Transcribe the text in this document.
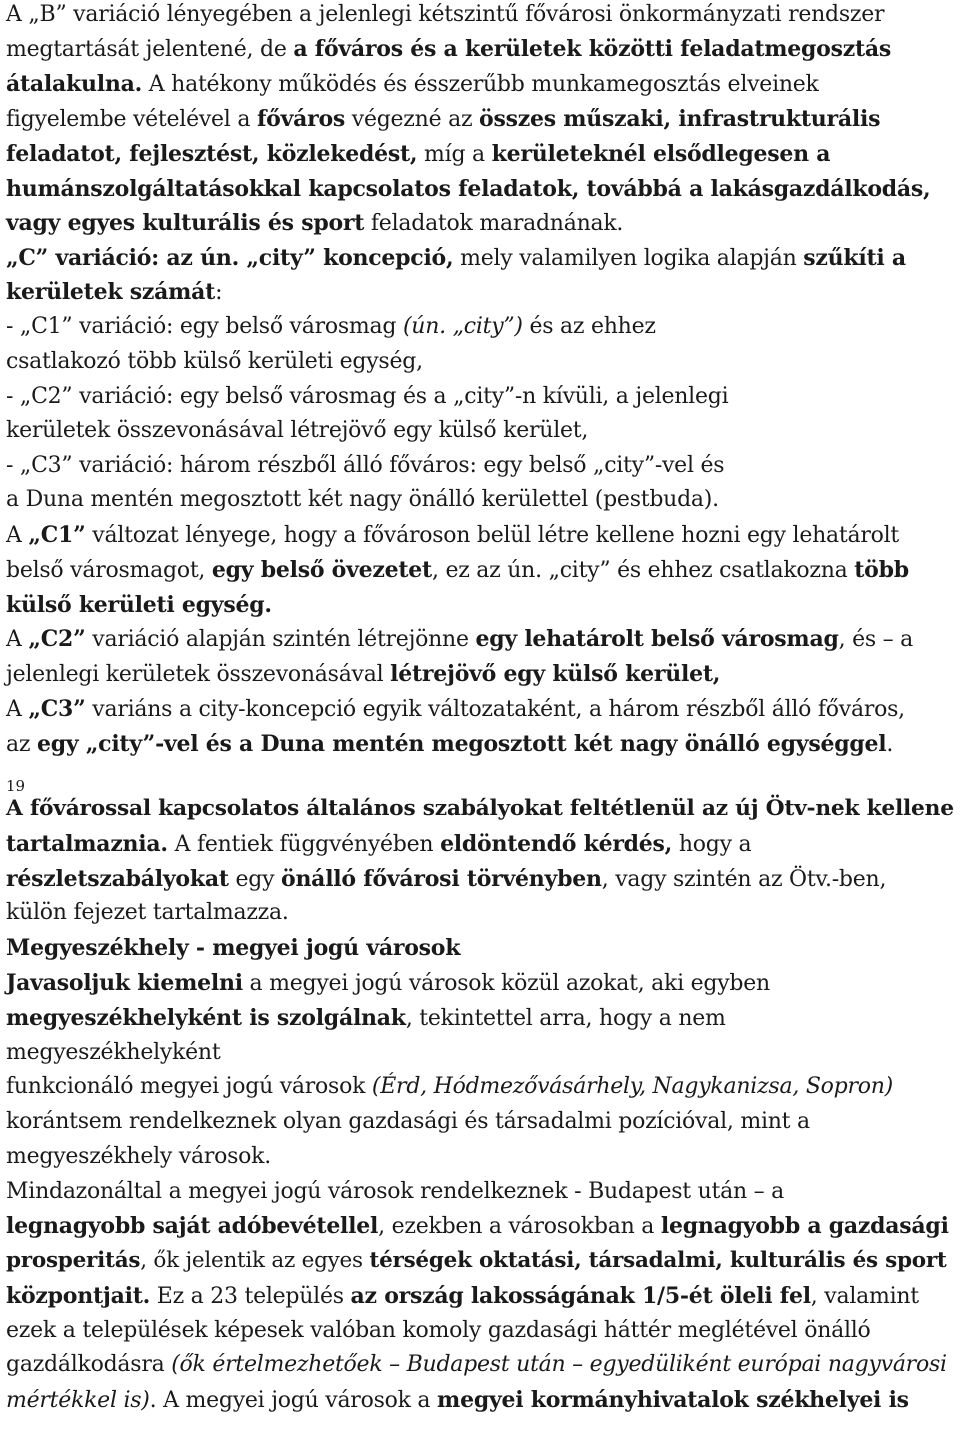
19
A „B” variáció lényegében a jelenlegi kétszintű fővárosi önkormányzati rendszer
megtartását jelentené, de a főváros és a kerületek közötti feladatmegosztás
átalakulna. A hatékony működés és ésszerűbb munkamegosztás elveinek
figyelembe vételével a főváros végezné az összes műszaki, infrastrukturális
feladatot, fejlesztést, közlekedést, míg a kerületeknél elsődlegesen a
humánszolgáltatásokkal kapcsolatos feladatok, továbbá a lakásgazdálkodás,
vagy egyes kulturális és sport feladatok maradnának.
„C” variáció: az ún. „city” koncepció, mely valamilyen logika alapján szűkíti a
kerületek számát:
- „C1” variáció: egy belső városmag (ún. „city”) és az ehhez
csatlakozó több külső kerületi egység,
- „C2” variáció: egy belső városmag és a „city”-n kívüli, a jelenlegi
kerületek összevonásával létrejövő egy külső kerület,
- „C3” variáció: három részből álló főváros: egy belső „city”-vel és
a Duna mentén megosztott két nagy önálló kerülettel (pestbuda).
A „C1” változat lényege, hogy a fővároson belül létre kellene hozni egy lehatárolt
belső városmagot, egy belső övezetet, ez az ún. „city” és ehhez csatlakozna több
külső kerületi egység.
A „C2” variáció alapján szintén létrejönne egy lehatárolt belső városmag, és – a
jelenlegi kerületek összevonásával létrejövő egy külső kerület,
A „C3” variáns a city-koncepció egyik változataként, a három részből álló főváros,
az egy „city”-vel és a Duna mentén megosztott két nagy önálló egységgel.
A fővárossal kapcsolatos általános szabályokat feltétlenül az új Ötv-nek kellene
tartalmaznia. A fentiek függvényében eldöntendő kérdés, hogy a
részletszabályokat egy önálló fővárosi törvényben, vagy szintén az Ötv.-ben,
külön fejezet tartalmazza.
Megyeszékhely - megyei jogú városok
Javasoljuk kiemelni a megyei jogú városok közül azokat, aki egyben
megyeszékhelyként is szolgálnak, tekintettel arra, hogy a nem
megyeszékhelyként
funkcionáló megyei jogú városok (Érd, Hódmezővásárhely, Nagykanizsa, Sopron)
korántsem rendelkeznek olyan gazdasági és társadalmi pozícióval, mint a
megyeszékhely városok.
Mindazonáltal a megyei jogú városok rendelkeznek - Budapest után – a
legnagyobb saját adóbevétellel, ezekben a városokban a legnagyobb a gazdasági
prosperitás, ők jelentik az egyes térségek oktatási, társadalmi, kulturális és sport
központjait. Ez a 23 település az ország lakosságának 1/5-ét öleli fel, valamint
ezek a települések képesek valóban komoly gazdasági háttér meglétével önálló
gazdálkodásra (ők értelmezhetőek – Budapest után – egyedüliként európai nagyvárosi
mértékkel is). A megyei jogú városok a megyei kormányhivatalok székhelyei is
